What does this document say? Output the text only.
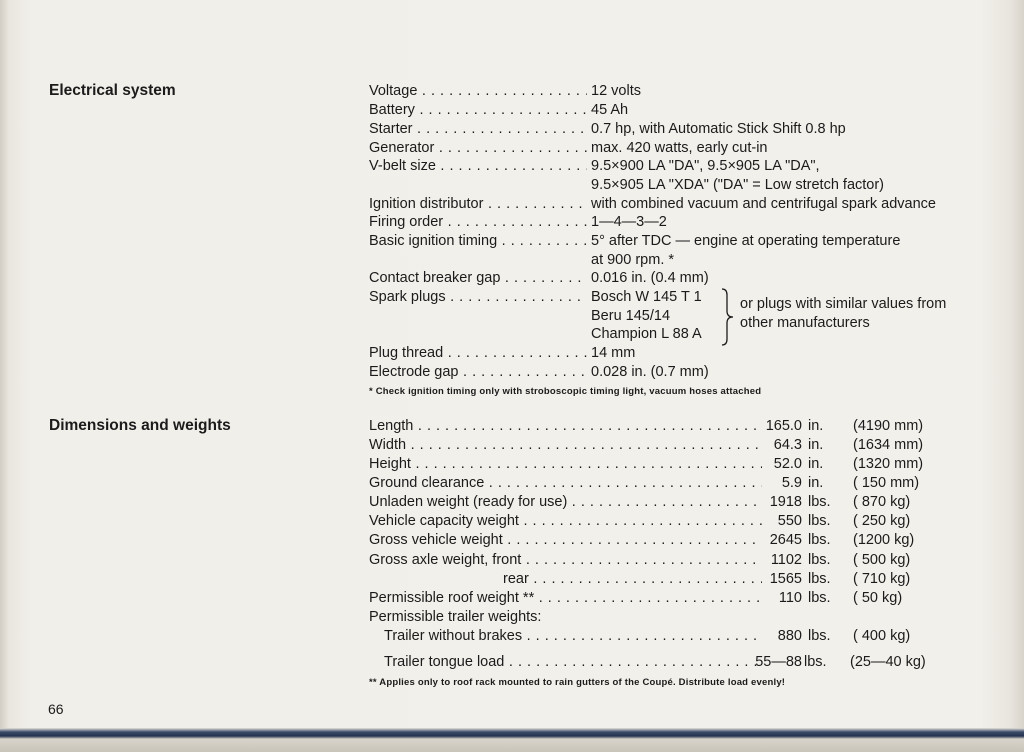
Electrical system	Voltage . . .	12 volts
Battery . . .	45 Ah
Starter . . .	0.7 hp, with Automatic Stick Shift 0.8 hp
Generator . . .	max. 420 watts, early cut-in
V-belt size . . .	9.5×900 LA "DA", 9.5×905 LA "DA",
9.5×905 LA "XDA" ("DA" = Low stretch factor)
Ignition distributor . . .	with combined vacuum and centrifugal spark advance
Firing order . . .	1—4—3—2
Basic ignition timing . . .	5° after TDC — engine at operating temperature
at 900 rpm. *
Contact breaker gap . . .	0.016 in. (0.4 mm)
Spark plugs . . .	Bosch W 145 T 1
Beru 145/14
Champion L 88 A
or plugs with similar values from
other manufacturers
Plug thread . . .	14 mm
Electrode gap . . .	0.028 in. (0.7 mm)
* Check ignition timing only with stroboscopic timing light, vacuum hoses attached
Dimensions and weights	Length . . .	165.0 in. (4190 mm)
Width . . .	64.3 in. (1634 mm)
Height . . .	52.0 in. (1320 mm)
Ground clearance . . .	5.9 in. ( 150 mm)
Unladen weight (ready for use) . . .	1918 lbs. ( 870 kg)
Vehicle capacity weight . . .	550 lbs. ( 250 kg)
Gross vehicle weight . . .	2645 lbs. (1200 kg)
Gross axle weight, front . . .	1102 lbs. ( 500 kg)
rear . . .	1565 lbs. ( 710 kg)
Permissible roof weight ** . . .	110 lbs. ( 50 kg)
Permissible trailer weights:
Trailer without brakes . . .	880 lbs. ( 400 kg)
Trailer tongue load . . .	55—88 lbs. (25—40 kg)
** Applies only to roof rack mounted to rain gutters of the Coupé. Distribute load evenly!
66
